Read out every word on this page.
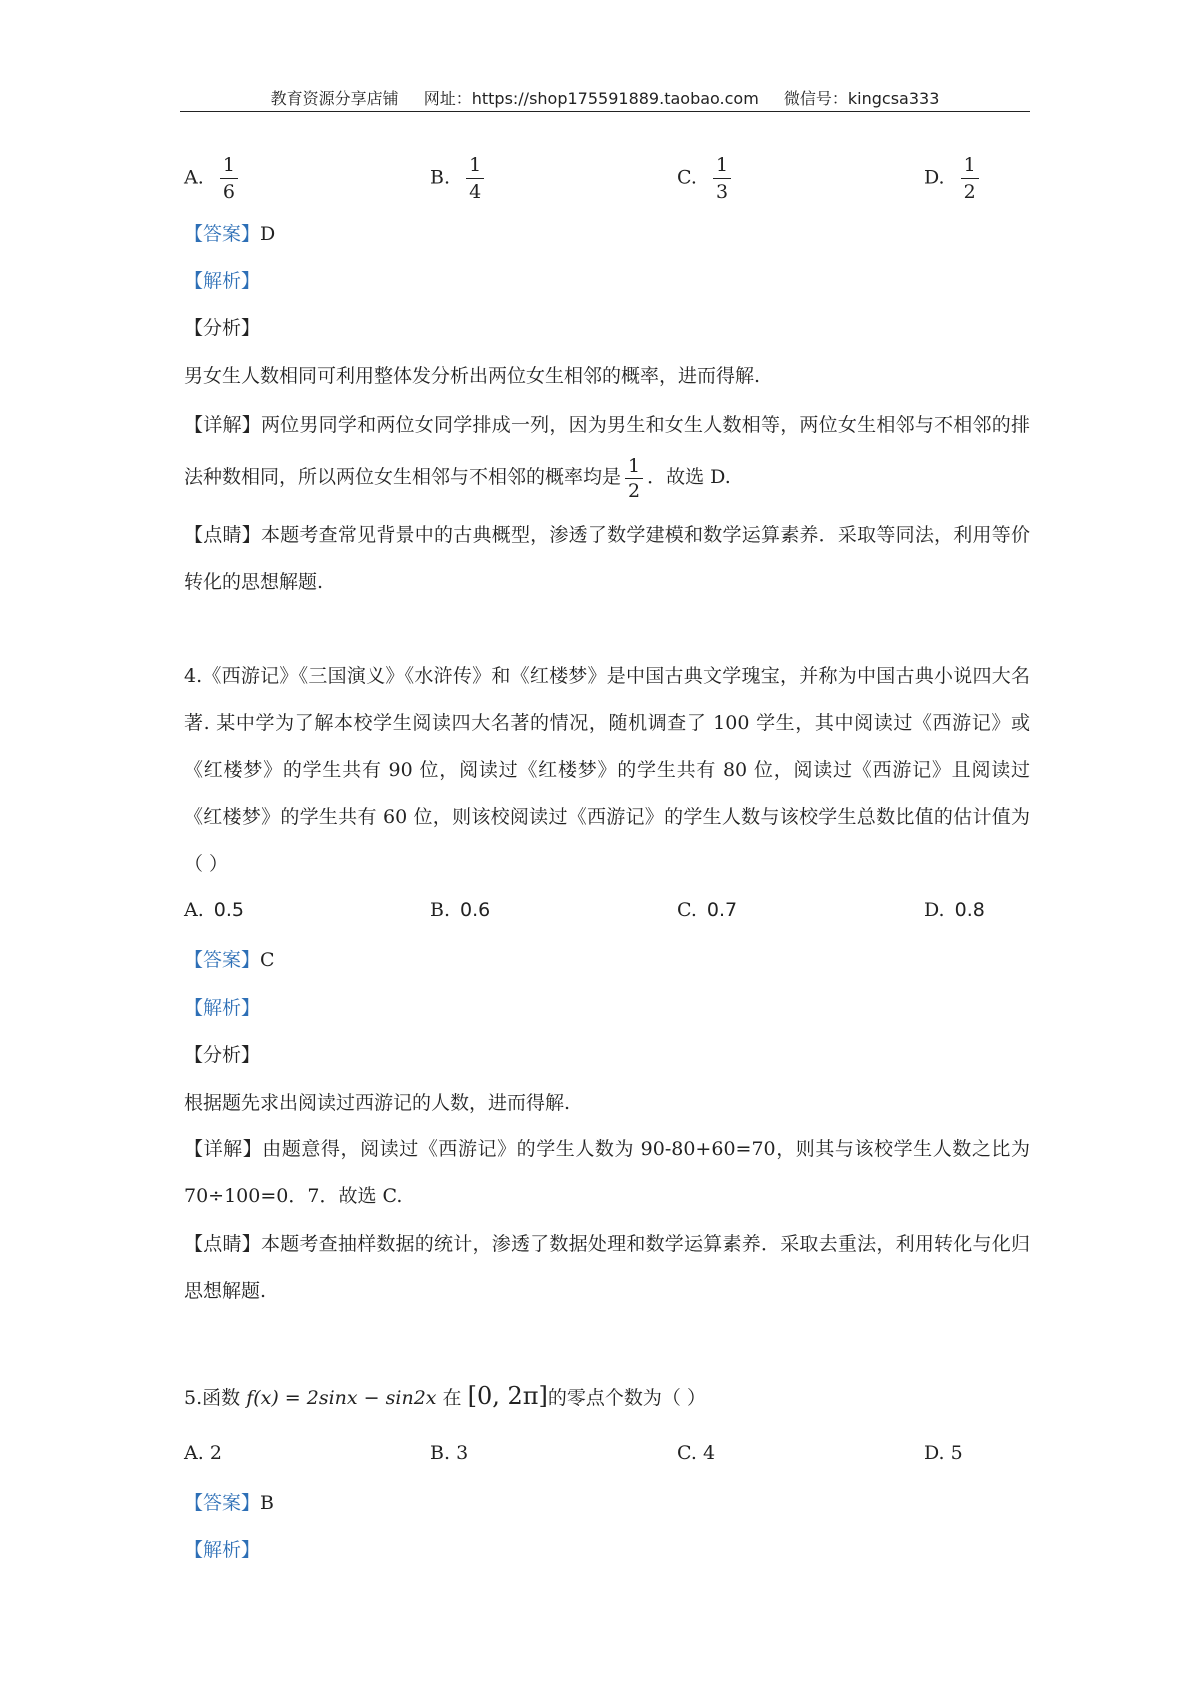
教育资源分享店铺 网址：https://shop175591889.taobao.com 微信号：kingcsa333
A. $\frac{1}{6}$	B. $\frac{1}{4}$	C. $\frac{1}{3}$	D. $\frac{1}{2}$
【答案】D
【解析】
【分析】
男女生人数相同可利用整体发分析出两位女生相邻的概率，进而得解.
【详解】两位男同学和两位女同学排成一列，因为男生和女生人数相等，两位女生相邻与不相邻的排法种数相同，所以两位女生相邻与不相邻的概率均是 $\frac{1}{2}$ ．故选 D.
【点睛】本题考查常见背景中的古典概型，渗透了数学建模和数学运算素养．采取等同法，利用等价转化的思想解题.
4.《西游记》《三国演义》《水浒传》和《红楼梦》是中国古典文学瑰宝，并称为中国古典小说四大名著. 某中学为了解本校学生阅读四大名著的情况，随机调查了 100 学生，其中阅读过《西游记》或《红楼梦》的学生共有 90 位，阅读过《红楼梦》的学生共有 80 位，阅读过《西游记》且阅读过《红楼梦》的学生共有 60 位，则该校阅读过《西游记》的学生人数与该校学生总数比值的估计值为（ ）
A. 0.5	B. 0.6	C. 0.7	D. 0.8
【答案】C
【解析】
【分析】
根据题先求出阅读过西游记的人数，进而得解.
【详解】由题意得，阅读过《西游记》的学生人数为 90-80+60=70，则其与该校学生人数之比为 70÷100=0．7．故选 C.
【点睛】本题考查抽样数据的统计，渗透了数据处理和数学运算素养．采取去重法，利用转化与化归思想解题.
5.函数 f(x) = 2sinx − sin2x 在 [0, 2π]的零点个数为（ ）
A. 2	B. 3	C. 4	D. 5
【答案】B
【解析】
